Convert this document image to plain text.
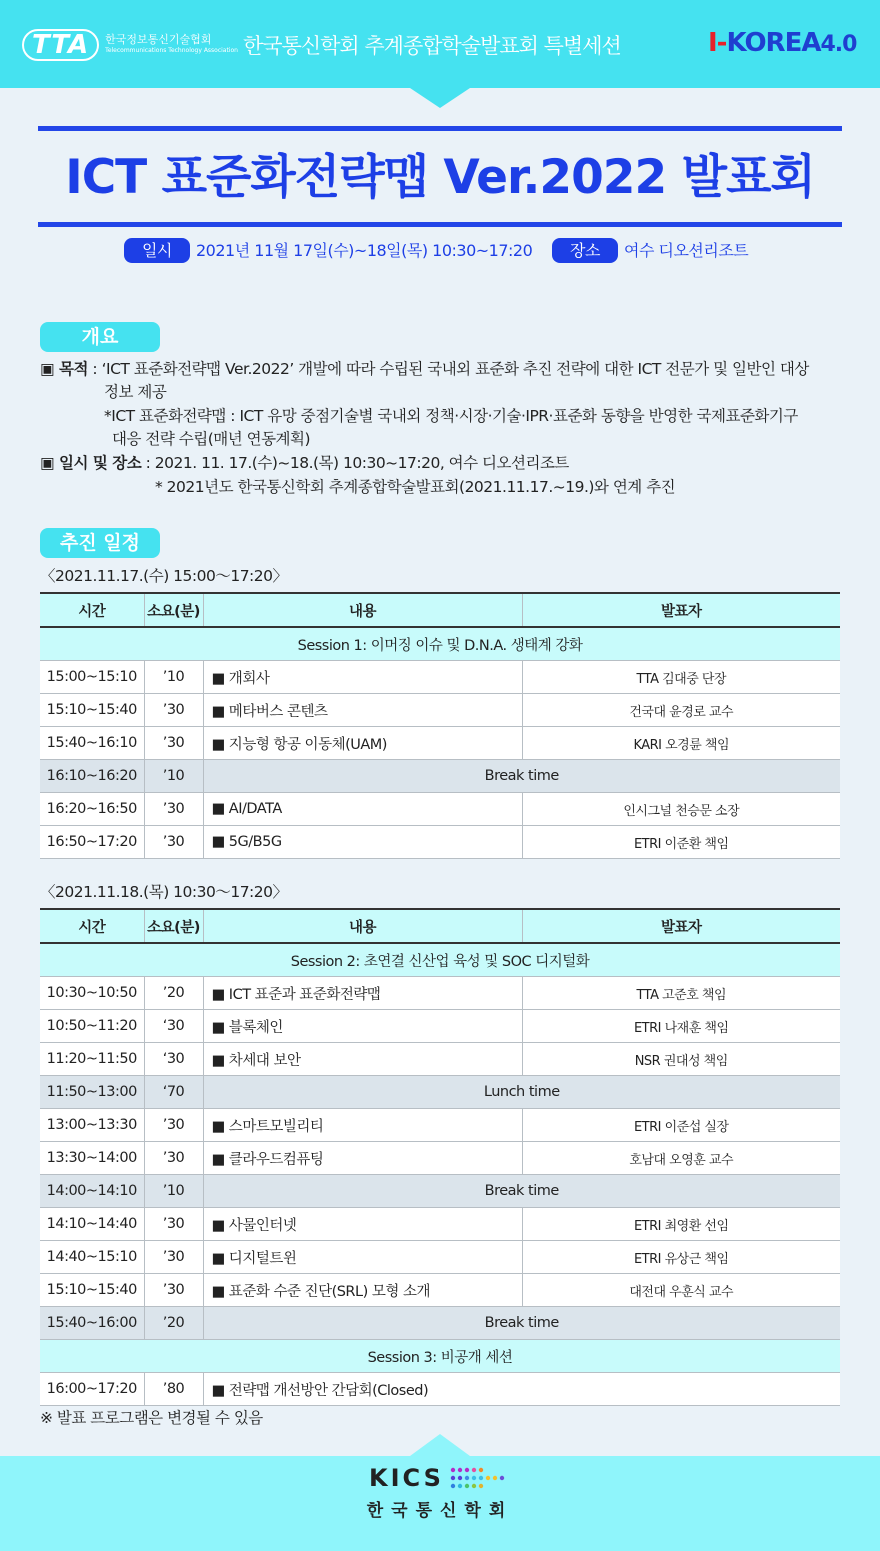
TTA	한국정보통신기술협회
Telecommunications Technology Association 한국통신학회 추계종합학술발표회 특별세션	I-KOREA4.0
ICT 표준화전략맵 Ver.2022 발표회
일시	2021년 11월 17일(수)~18일(목) 10:30~17:20	장소	여수 디오션리조트
개요
▣ 목적 : ‘ICT 표준화전략맵 Ver.2022’ 개발에 따라 수립된 국내외 표준화 추진 전략에 대한 ICT 전문가 및 일반인 대상
정보 제공
*ICT 표준화전략맵 : ICT 유망 중점기술별 국내외 정책·시장·기술·IPR·표준화 동향을 반영한 국제표준화기구
대응 전략 수립(매년 연동계획)
▣ 일시 및 장소 : 2021. 11. 17.(수)~18.(목) 10:30~17:20, 여수 디오션리조트
* 2021년도 한국통신학회 추계종합학술발표회(2021.11.17.~19.)와 연계 추진
추진 일정
〈2021.11.17.(수) 15:00～17:20〉
시간	소요(분)	내용	발표자
Session 1: 이머징 이슈 및 D.N.A. 생태계 강화			
15:00~15:10	’10	■ 개회사	TTA 김대중 단장
15:10~15:40	’30	■ 메타버스 콘텐츠	건국대 윤경로 교수
15:40~16:10	’30	■ 지능형 항공 이동체(UAM)	KARI 오경륜 책임
16:10~16:20	’10	Break time	
16:20~16:50	’30	■ AI/DATA	인시그널 천승문 소장
16:50~17:20	’30	■ 5G/B5G	ETRI 이준환 책임
〈2021.11.18.(목) 10:30～17:20〉
시간	소요(분)	내용	발표자
Session 2: 초연결 신산업 육성 및 SOC 디지털화			
10:30~10:50	’20	■ ICT 표준과 표준화전략맵	TTA 고준호 책임
10:50~11:20	‘30	■ 블록체인	ETRI 나재훈 책임
11:20~11:50	‘30	■ 차세대 보안	NSR 권대성 책임
11:50~13:00	‘70	Lunch time	
13:00~13:30	’30	■ 스마트모빌리티	ETRI 이준섭 실장
13:30~14:00	’30	■ 클라우드컴퓨팅	호남대 오영훈 교수
14:00~14:10	’10	Break time	
14:10~14:40	’30	■ 사물인터넷	ETRI 최영환 선임
14:40~15:10	’30	■ 디지털트윈	ETRI 유상근 책임
15:10~15:40	’30	■ 표준화 수준 진단(SRL) 모형 소개	대전대 우훈식 교수
15:40~16:00	’20	Break time	
Session 3: 비공개 세션			
16:00~17:20	’80	■ 전략맵 개선방안 간담회(Closed)	
※ 발표 프로그램은 변경될 수 있음
KICS
한국통신학회
